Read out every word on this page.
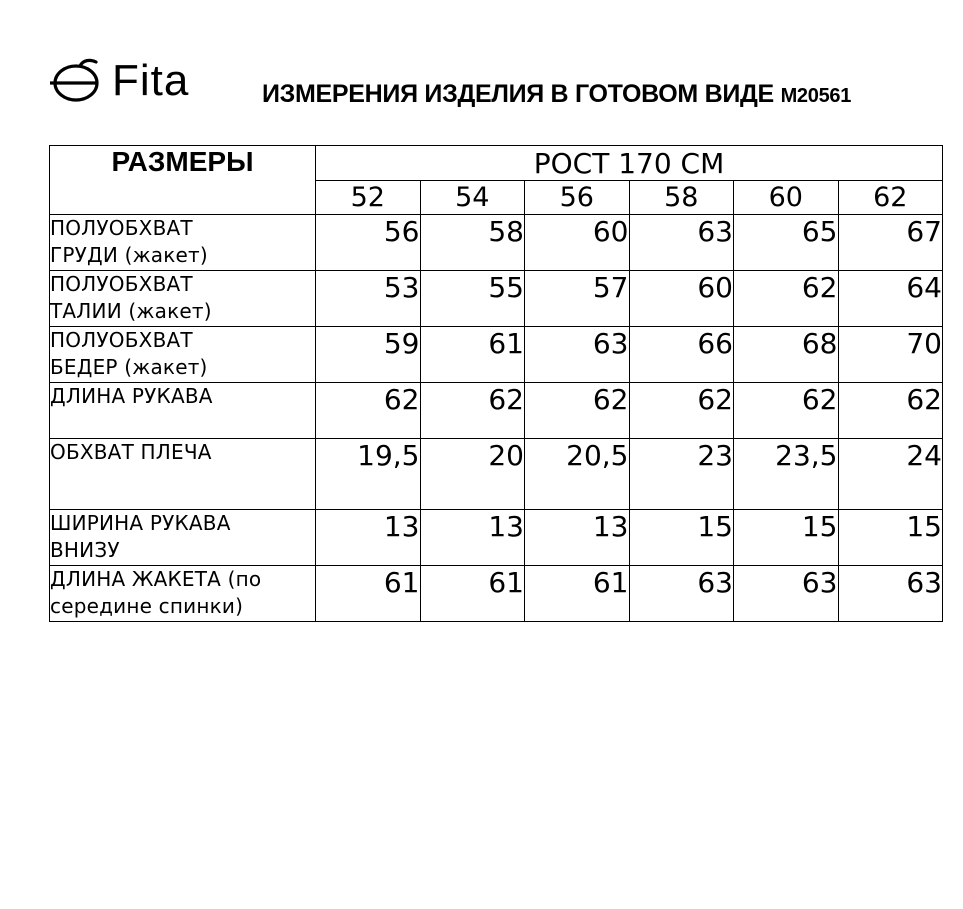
Fita	ИЗМЕРЕНИЯ ИЗДЕЛИЯ В ГОТОВОМ ВИДЕ М20561
РАЗМЕРЫ	РОСТ 170 СМ					
	52	54	56	58	60	62
ПОЛУОБХВАТ
ГРУДИ (жакет)	56	58	60	63	65	67
ПОЛУОБХВАТ
ТАЛИИ (жакет)	53	55	57	60	62	64
ПОЛУОБХВАТ
БЕДЕР (жакет)	59	61	63	66	68	70
ДЛИНА РУКАВА	62	62	62	62	62	62
ОБХВАТ ПЛЕЧА	19,5	20	20,5	23	23,5	24
ШИРИНА РУКАВА
ВНИЗУ	13	13	13	15	15	15
ДЛИНА ЖАКЕТА (по
середине спинки)	61	61	61	63	63	63
